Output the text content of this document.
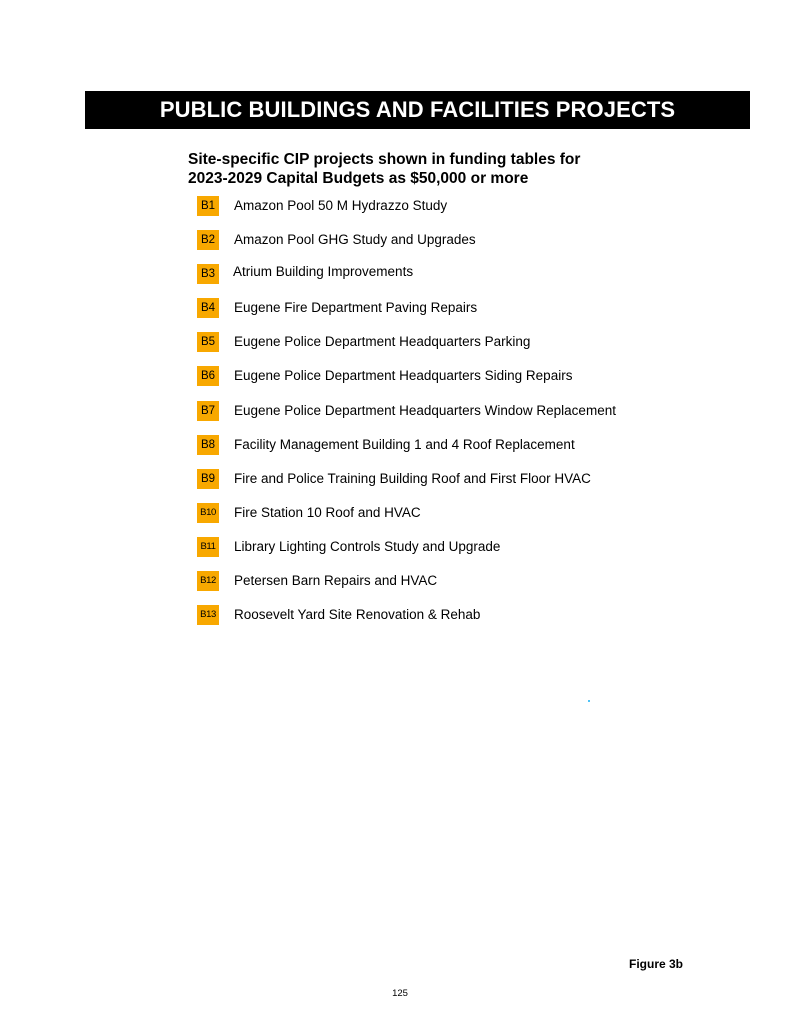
PUBLIC BUILDINGS AND FACILITIES PROJECTS
Site-specific CIP projects shown in funding tables for
2023-2029 Capital Budgets as $50,000 or more
B1 Amazon Pool 50 M Hydrazzo Study
B2 Amazon Pool GHG Study and Upgrades
B3 Atrium Building Improvements
B4 Eugene Fire Department Paving Repairs
B5 Eugene Police Department Headquarters Parking
B6 Eugene Police Department Headquarters Siding Repairs
B7 Eugene Police Department Headquarters Window Replacement
B8 Facility Management Building 1 and 4 Roof Replacement
B9 Fire and Police Training Building Roof and First Floor HVAC
B10 Fire Station 10 Roof and HVAC
B11 Library Lighting Controls Study and Upgrade
B12 Petersen Barn Repairs and HVAC
B13 Roosevelt Yard Site Renovation & Rehab
Figure 3b
125
